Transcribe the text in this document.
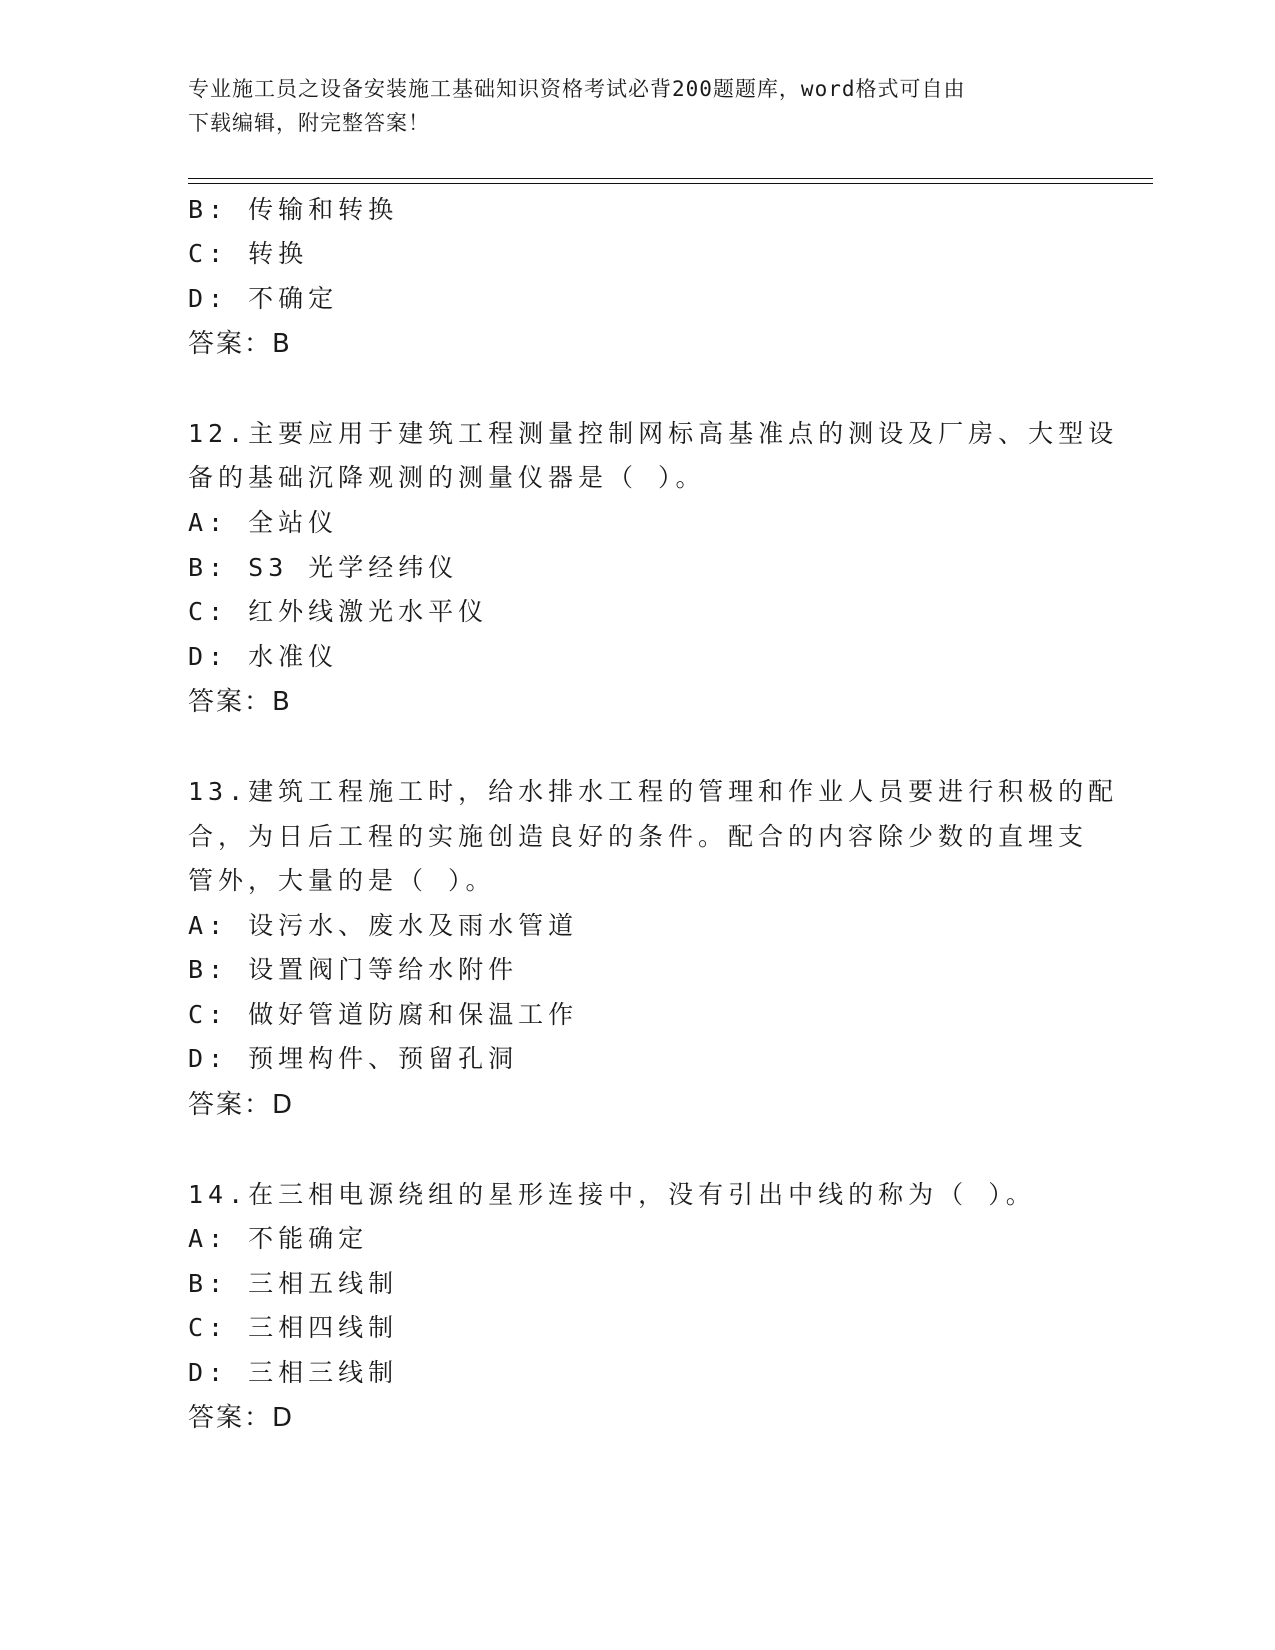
专业施工员之设备安装施工基础知识资格考试必背200题题库，word格式可自由
下载编辑，附完整答案！
B: 传输和转换
C: 转换
D: 不确定
答案：B
12.主要应用于建筑工程测量控制网标高基准点的测设及厂房、大型设
备的基础沉降观测的测量仪器是（ ）。
A: 全站仪
B: S3 光学经纬仪
C: 红外线激光水平仪
D: 水准仪
答案：B
13.建筑工程施工时，给水排水工程的管理和作业人员要进行积极的配
合，为日后工程的实施创造良好的条件。配合的内容除少数的直埋支
管外，大量的是（ ）。
A: 设污水、废水及雨水管道
B: 设置阀门等给水附件
C: 做好管道防腐和保温工作
D: 预埋构件、预留孔洞
答案：D
14.在三相电源绕组的星形连接中，没有引出中线的称为（ ）。
A: 不能确定
B: 三相五线制
C: 三相四线制
D: 三相三线制
答案：D
